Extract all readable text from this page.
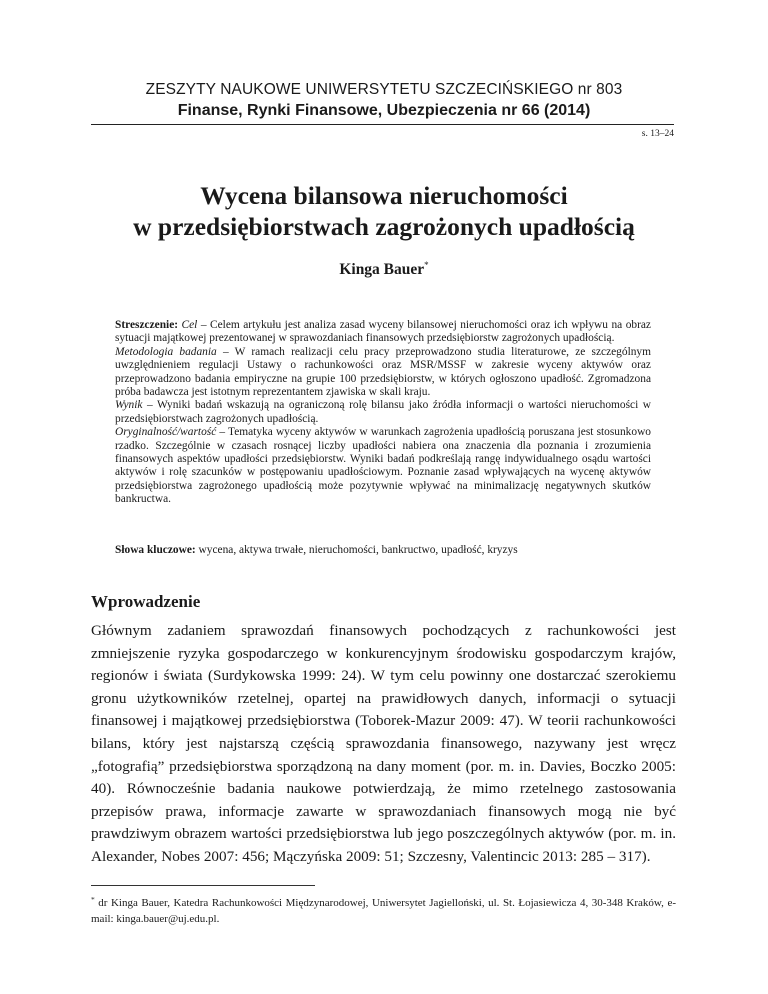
ZESZYTY NAUKOWE UNIWERSYTETU SZCZECIŃSKIEGO nr 803
Finanse, Rynki Finansowe, Ubezpieczenia nr 66 (2014)
s. 13–24
Wycena bilansowa nieruchomości
w przedsiębiorstwach zagrożonych upadłością
Kinga Bauer*

Streszczenie: Cel – Celem artykułu jest analiza zasad wyceny bilansowej nieruchomości oraz ich wpływu na obraz sytuacji majątkowej prezentowanej w sprawozdaniach finansowych przedsiębiorstw zagrożonych upadłością.

Metodologia badania – W ramach realizacji celu pracy przeprowadzono studia literaturowe, ze szczególnym uwzględnieniem regulacji Ustawy o rachunkowości oraz MSR/MSSF w zakresie wyceny aktywów oraz przeprowadzono badania empiryczne na grupie 100 przedsiębiorstw, w których ogłoszono upadłość. Zgromadzona próba badawcza jest istotnym reprezentantem zjawiska w skali kraju.

Wynik – Wyniki badań wskazują na ograniczoną rolę bilansu jako źródła informacji o wartości nieruchomości w przedsiębiorstwach zagrożonych upadłością.

Oryginalność/wartość – Tematyka wyceny aktywów w warunkach zagrożenia upadłością poruszana jest stosunkowo rzadko. Szczególnie w czasach rosnącej liczby upadłości nabiera ona znaczenia dla poznania i zrozumienia finansowych aspektów upadłości przedsiębiorstw. Wyniki badań podkreślają rangę indywidualnego osądu wartości aktywów i rolę szacunków w postępowaniu upadłościowym. Poznanie zasad wpływających na wycenę aktywów przedsiębiorstwa zagrożonego upadłością może pozytywnie wpływać na minimalizację negatywnych skutków bankructwa.

Słowa kluczowe: wycena, aktywa trwałe, nieruchomości, bankructwo, upadłość, kryzys
Wprowadzenie

Głównym zadaniem sprawozdań finansowych pochodzących z rachunkowości jest zmniejszenie ryzyka gospodarczego w konkurencyjnym środowisku gospodarczym krajów, regionów i świata (Surdykowska 1999: 24). W tym celu powinny one dostarczać szerokiemu gronu użytkowników rzetelnej, opartej na prawidłowych danych, informacji o sytuacji finansowej i majątkowej przedsiębiorstwa (Toborek-Mazur 2009: 47). W teorii rachunkowości bilans, który jest najstarszą częścią sprawozdania finansowego, nazywany jest wręcz „fotografią” przedsiębiorstwa sporządzoną na dany moment (por. m. in. Davies, Boczko 2005: 40). Równocześnie badania naukowe potwierdzają, że mimo rzetelnego zastosowania przepisów prawa, informacje zawarte w sprawozdaniach finansowych mogą nie być prawdziwym obrazem wartości przedsiębiorstwa lub jego poszczególnych aktywów (por. m. in. Alexander, Nobes 2007: 456; Mączyńska 2009: 51; Szczesny, Valentincic 2013: 285 – 317).

* dr Kinga Bauer, Katedra Rachunkowości Międzynarodowej, Uniwersytet Jagielloński, ul. St. Łojasiewicza 4, 30-348 Kraków, e-mail: kinga.bauer@uj.edu.pl.
